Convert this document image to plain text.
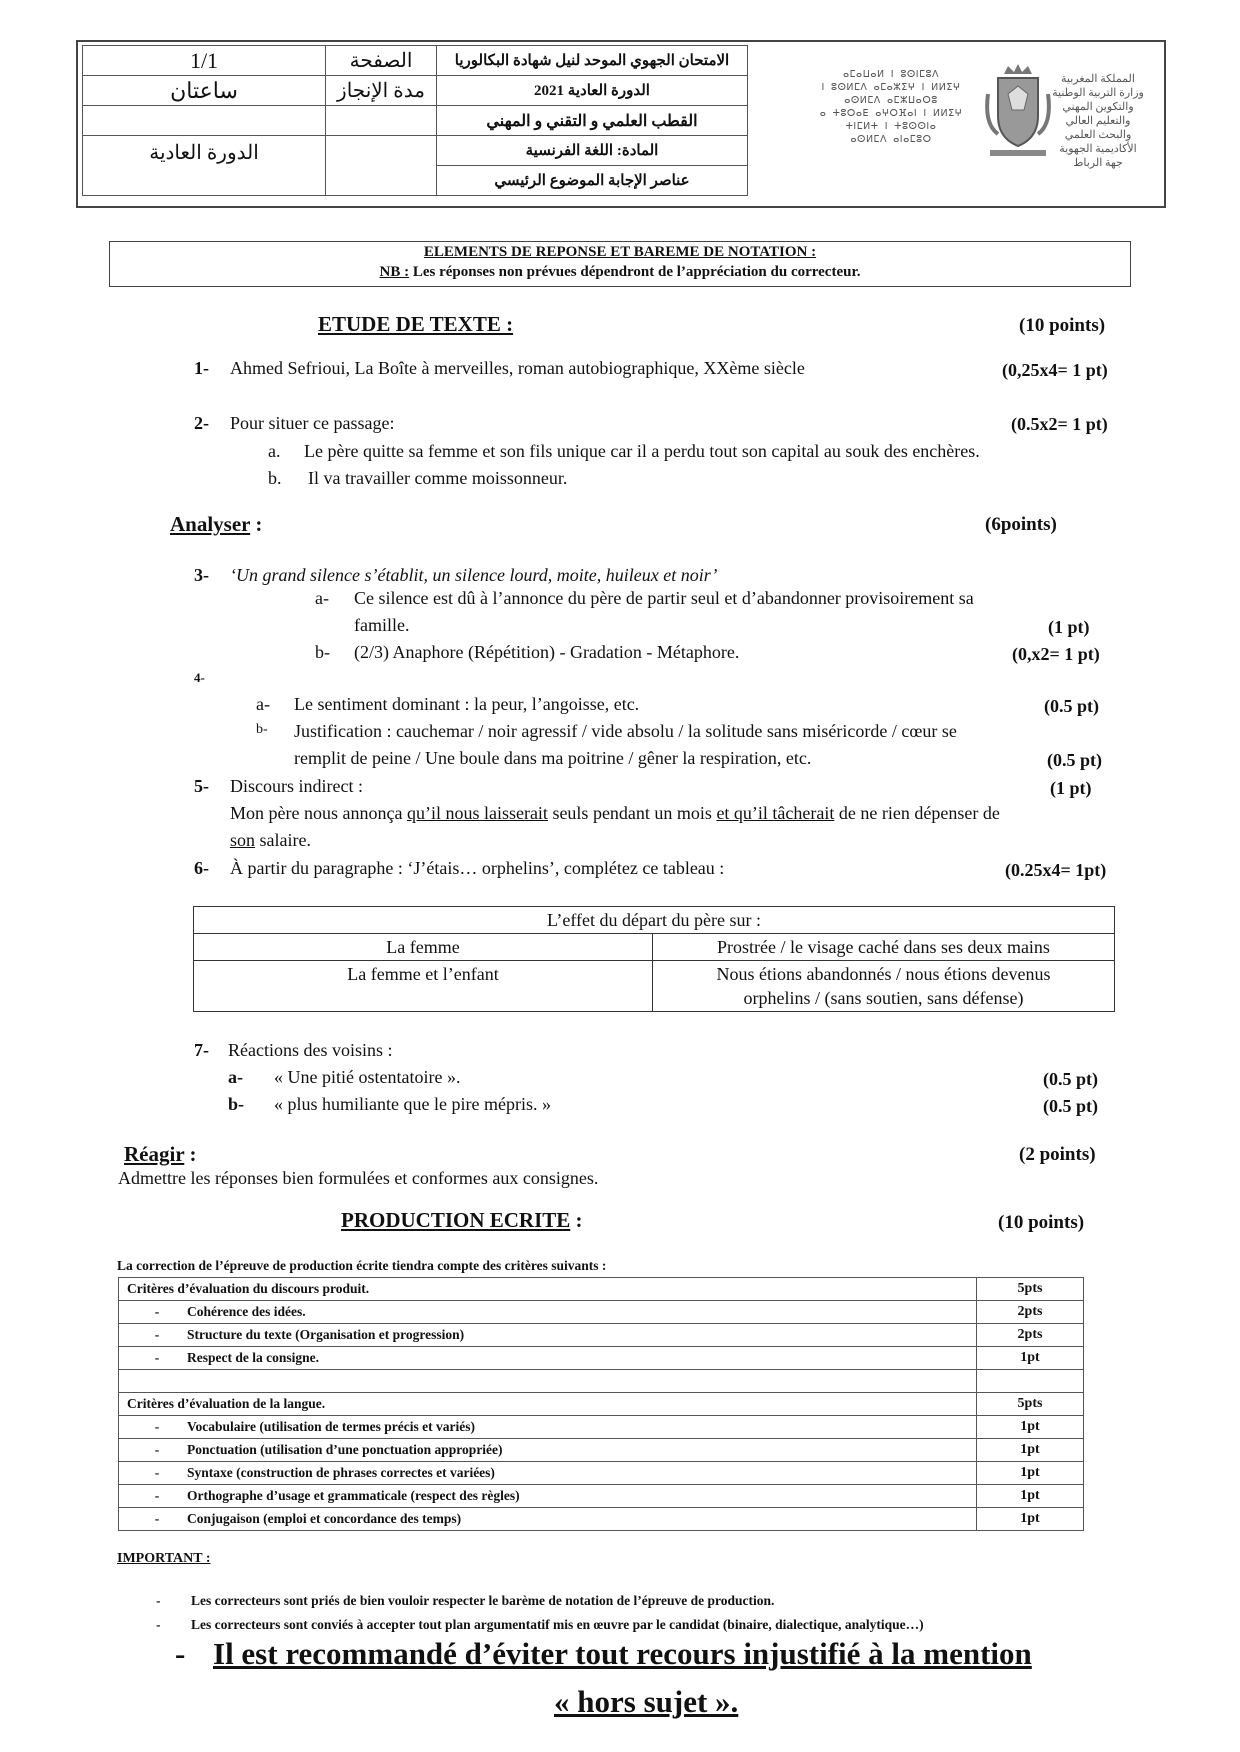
1/1	الصفحة	الامتحان الجهوي الموحد لنيل شهادة البكالوريا
ساعتان	مدة الإنجاز	الدورة العادية 2021
		القطب العلمي و التقني و المهني
الدورة العادية		المادة: اللغة الفرنسية
		عناصر الإجابة الموضوع الرئيسي
ⴰⵎⴰⵡⴰⵍ ⵏ ⵓⵙⵏⵎⵓⴷ
ⵏ ⵓⵙⵍⵎⴷ ⴰⵎⴰⵣⵉⵖ ⵏ ⵍⵍⵉⵖ
ⴰⵙⵍⵎⴷ ⴰⵎⵣⵡⴰⵔⵓ
ⴰ ⵜⵓⵔⴰⴹ ⴰⵖⵔⴼⴰⵏ ⵏ ⵍⵍⵉⵖ
ⵜⵏⵎⵍⵜ ⵏ ⵜⵓⵙⵙⵏⴰ
ⴰⵙⵍⵎⴷ ⴰⵏⴰⵎⵓⵔ
المملكة المغربية
وزارة التربية الوطنية
والتكوين المهني
والتعليم العالي والبحث العلمي
الأكاديمية الجهوية
جهة الرباط
ELEMENTS DE REPONSE ET BAREME DE NOTATION :
NB : Les réponses non prévues dépendront de l’appréciation du correcteur.
ETUDE DE TEXTE :	(10 points)
1- Ahmed Sefrioui, La Boîte à merveilles, roman autobiographique, XXème siècle	(0,25x4= 1 pt)
2- Pour situer ce passage:	(0.5x2= 1 pt)
a. Le père quitte sa femme et son fils unique car il a perdu tout son capital au souk des enchères.
b. Il va travailler comme moissonneur.
Analyser :	(6points)
3- ‘Un grand silence s’établit, un silence lourd, moite, huileux et noir’
a- Ce silence est dû à l’annonce du père de partir seul et d’abandonner provisoirement sa
famille.	(1 pt)
b- (2/3) Anaphore (Répétition) - Gradation - Métaphore.	(0,x2= 1 pt)
4-
a- Le sentiment dominant : la peur, l’angoisse, etc.	(0.5 pt)
b- Justification : cauchemar / noir agressif / vide absolu / la solitude sans miséricorde / cœur se
remplit de peine / Une boule dans ma poitrine / gêner la respiration, etc.	(0.5 pt)
5- Discours indirect :	(1 pt)
Mon père nous annonça qu’il nous laisserait seuls pendant un mois et qu’il tâcherait de ne rien dépenser de
son salaire.
6- À partir du paragraphe : ‘J’étais… orphelins’, complétez ce tableau :	(0.25x4= 1pt)
L’effet du départ du père sur :	
La femme	Prostrée / le visage caché dans ses deux mains
La femme et l’enfant	Nous étions abandonnés / nous étions devenus
orphelins / (sans soutien, sans défense)
7- Réactions des voisins :
a- « Une pitié ostentatoire ».	(0.5 pt)
b- « plus humiliante que le pire mépris. »	(0.5 pt)
Réagir :	(2 points)
Admettre les réponses bien formulées et conformes aux consignes.
PRODUCTION ECRITE :	(10 points)
La correction de l’épreuve de production écrite tiendra compte des critères suivants :
Critères d’évaluation du discours produit.	5pts
- Cohérence des idées.	2pts
- Structure du texte (Organisation et progression)	2pts
- Respect de la consigne.	1pt

Critères d’évaluation de la langue.	5pts
- Vocabulaire (utilisation de termes précis et variés)	1pt
- Ponctuation (utilisation d’une ponctuation appropriée)	1pt
- Syntaxe (construction de phrases correctes et variées)	1pt
- Orthographe d’usage et grammaticale (respect des règles)	1pt
- Conjugaison (emploi et concordance des temps)	1pt
IMPORTANT :
- Les correcteurs sont priés de bien vouloir respecter le barème de notation de l’épreuve de production.
- Les correcteurs sont conviés à accepter tout plan argumentatif mis en œuvre par le candidat (binaire, dialectique, analytique…)
- Il est recommandé d’éviter tout recours injustifié à la mention
« hors sujet ».
